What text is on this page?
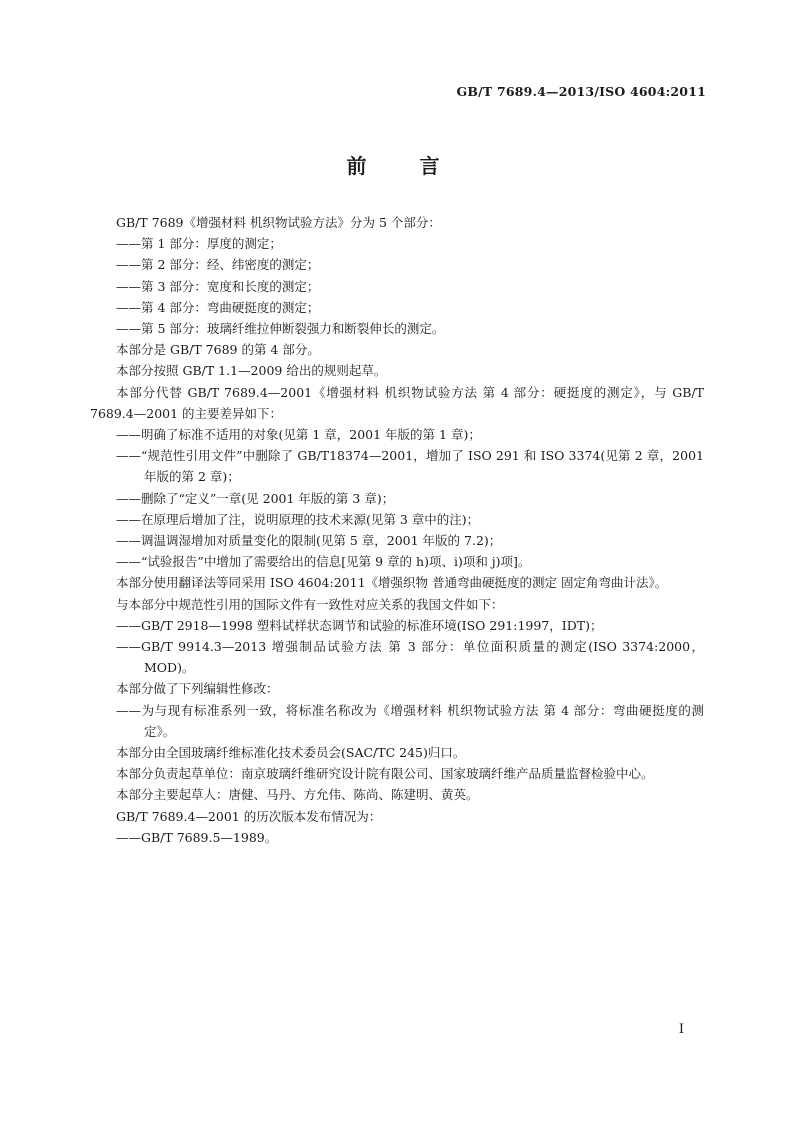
GB/T 7689.4—2013/ISO 4604:2011
前 言

GB/T 7689《增强材料 机织物试验方法》分为 5 个部分：

——第 1 部分：厚度的测定；

——第 2 部分：经、纬密度的测定；

——第 3 部分：宽度和长度的测定；

——第 4 部分：弯曲硬挺度的测定；

——第 5 部分：玻璃纤维拉伸断裂强力和断裂伸长的测定。

本部分是 GB/T 7689 的第 4 部分。

本部分按照 GB/T 1.1—2009 给出的规则起草。

本部分代替 GB/T 7689.4—2001《增强材料 机织物试验方法 第 4 部分：硬挺度的测定》，与 GB/T 7689.4—2001 的主要差异如下：

——明确了标准不适用的对象(见第 1 章，2001 年版的第 1 章)；

——“规范性引用文件”中删除了 GB/T18374—2001，增加了 ISO 291 和 ISO 3374(见第 2 章，2001 年版的第 2 章)；

——删除了“定义”一章(见 2001 年版的第 3 章)；

——在原理后增加了注，说明原理的技术来源(见第 3 章中的注)；

——调温调湿增加对质量变化的限制(见第 5 章，2001 年版的 7.2)；

——“试验报告”中增加了需要给出的信息[见第 9 章的 h)项、i)项和 j)项]。

本部分使用翻译法等同采用 ISO 4604:2011《增强织物 普通弯曲硬挺度的测定 固定角弯曲计法》。

与本部分中规范性引用的国际文件有一致性对应关系的我国文件如下：

——GB/T 2918—1998 塑料试样状态调节和试验的标准环境(ISO 291:1997，IDT)；

——GB/T 9914.3—2013 增强制品试验方法 第 3 部分：单位面积质量的测定(ISO 3374:2000，MOD)。

本部分做了下列编辑性修改：

——为与现有标准系列一致，将标准名称改为《增强材料 机织物试验方法 第 4 部分：弯曲硬挺度的测定》。

本部分由全国玻璃纤维标准化技术委员会(SAC/TC 245)归口。

本部分负责起草单位：南京玻璃纤维研究设计院有限公司、国家玻璃纤维产品质量监督检验中心。

本部分主要起草人：唐健、马丹、方允伟、陈尚、陈建明、黄英。

GB/T 7689.4—2001 的历次版本发布情况为：

——GB/T 7689.5—1989。

I
